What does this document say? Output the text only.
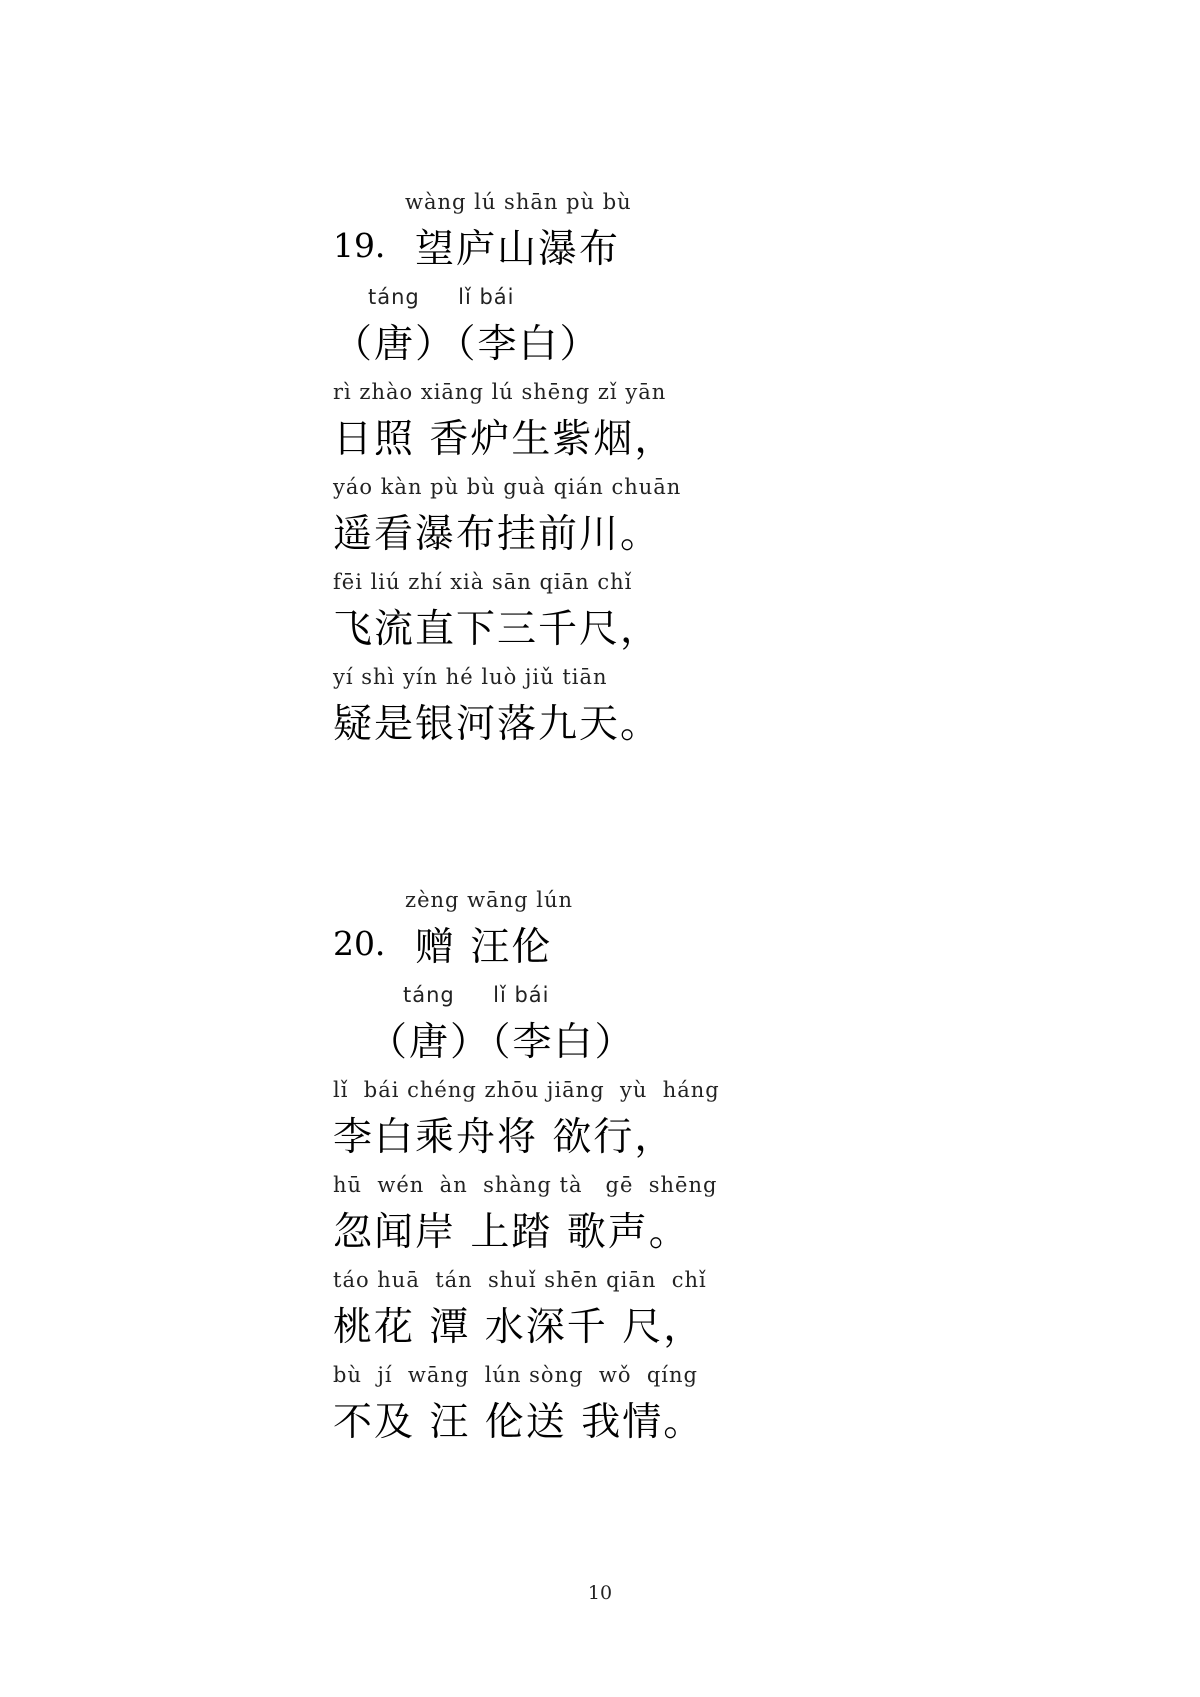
19．
wàng lú shān pù bù
望庐山瀑布
táng     lǐ bái
（唐）（李白）
rì zhào xiāng lú shēng zǐ yān
日照 香炉生紫烟，
yáo kàn pù bù guà qián chuān
遥看瀑布挂前川。
fēi liú zhí xià sān qiān chǐ
飞流直下三千尺，
yí shì yín hé luò jiǔ tiān
疑是银河落九天。
20．
zèng wāng lún
赠 汪伦
táng     lǐ bái
（唐）（李白）
lǐ  bái chéng zhōu jiāng  yù  háng
李白乘舟将 欲行，
hū  wén  àn  shàng tà   gē  shēng
忽闻岸 上踏 歌声。
táo huā  tán  shuǐ shēn qiān  chǐ
桃花 潭 水深千 尺，
bù  jí  wāng  lún sòng  wǒ  qíng
不及 汪 伦送 我情。
10
